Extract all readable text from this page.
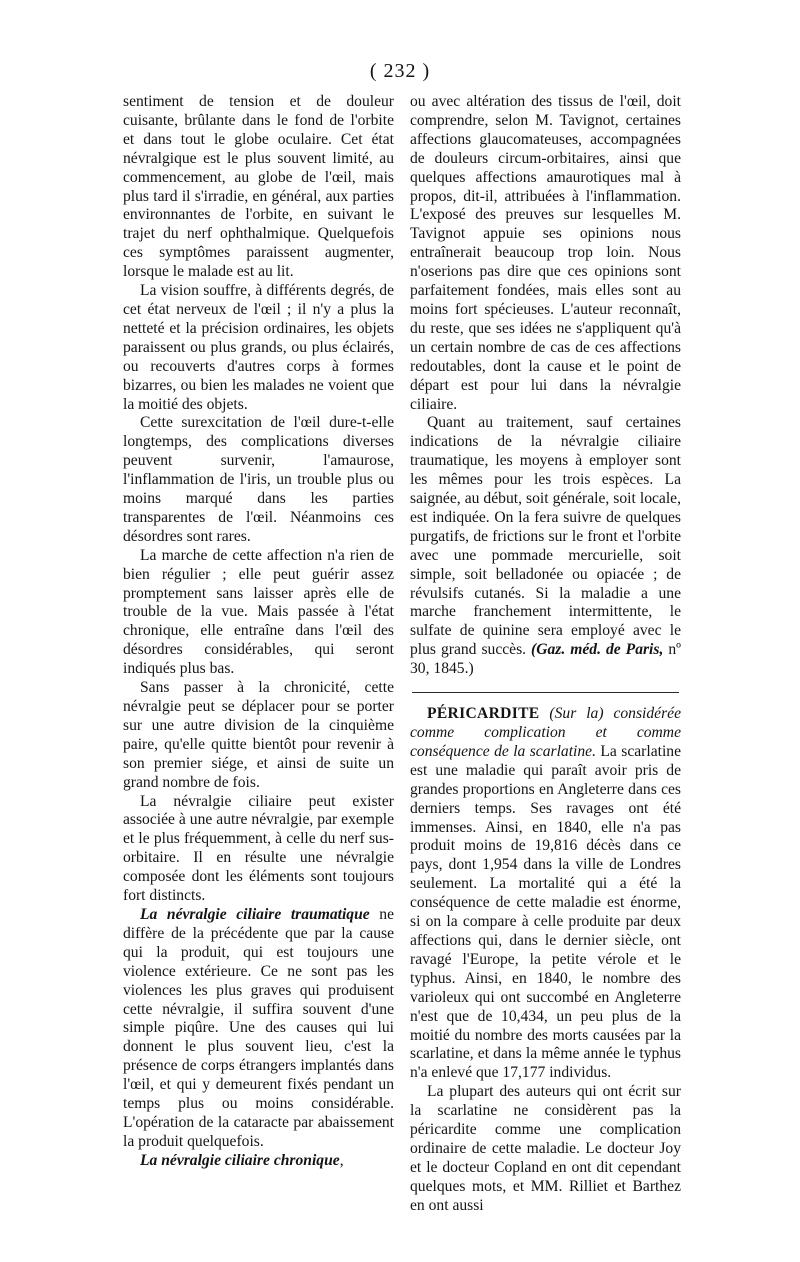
( 232 )

sentiment de tension et de douleur cuisante, brûlante dans le fond de l'orbite et dans tout le globe oculaire. Cet état névralgique est le plus souvent limité, au commencement, au globe de l'œil, mais plus tard il s'irradie, en général, aux parties environnantes de l'orbite, en suivant le trajet du nerf ophthalmique. Quelquefois ces symptômes paraissent augmenter, lorsque le malade est au lit.

La vision souffre, à différents degrés, de cet état nerveux de l'œil ; il n'y a plus la netteté et la précision ordinaires, les objets paraissent ou plus grands, ou plus éclairés, ou recouverts d'autres corps à formes bizarres, ou bien les malades ne voient que la moitié des objets.

Cette surexcitation de l'œil dure-t-elle longtemps, des complications diverses peuvent survenir, l'amaurose, l'inflammation de l'iris, un trouble plus ou moins marqué dans les parties transparentes de l'œil. Néanmoins ces désordres sont rares.

La marche de cette affection n'a rien de bien régulier ; elle peut guérir assez promptement sans laisser après elle de trouble de la vue. Mais passée à l'état chronique, elle entraîne dans l'œil des désordres considérables, qui seront indiqués plus bas.

Sans passer à la chronicité, cette névralgie peut se déplacer pour se porter sur une autre division de la cinquième paire, qu'elle quitte bientôt pour revenir à son premier siége, et ainsi de suite un grand nombre de fois.

La névralgie ciliaire peut exister associée à une autre névralgie, par exemple et le plus fréquemment, à celle du nerf sus-orbitaire. Il en résulte une névralgie composée dont les éléments sont toujours fort distincts.

La névralgie ciliaire traumatique ne diffère de la précédente que par la cause qui la produit, qui est toujours une violence extérieure. Ce ne sont pas les violences les plus graves qui produisent cette névralgie, il suffira souvent d'une simple piqûre. Une des causes qui lui donnent le plus souvent lieu, c'est la présence de corps étrangers implantés dans l'œil, et qui y demeurent fixés pendant un temps plus ou moins considérable. L'opération de la cataracte par abaissement la produit quelquefois.

La névralgie ciliaire chronique,

ou avec altération des tissus de l'œil, doit comprendre, selon M. Tavignot, certaines affections glaucomateuses, accompagnées de douleurs circum-orbitaires, ainsi que quelques affections amaurotiques mal à propos, dit-il, attribuées à l'inflammation. L'exposé des preuves sur lesquelles M. Tavignot appuie ses opinions nous entraînerait beaucoup trop loin. Nous n'oserions pas dire que ces opinions sont parfaitement fondées, mais elles sont au moins fort spécieuses. L'auteur reconnaît, du reste, que ses idées ne s'appliquent qu'à un certain nombre de cas de ces affections redoutables, dont la cause et le point de départ est pour lui dans la névralgie ciliaire.

Quant au traitement, sauf certaines indications de la névralgie ciliaire traumatique, les moyens à employer sont les mêmes pour les trois espèces. La saignée, au début, soit générale, soit locale, est indiquée. On la fera suivre de quelques purgatifs, de frictions sur le front et l'orbite avec une pommade mercurielle, soit simple, soit belladonée ou opiacée ; de révulsifs cutanés. Si la maladie a une marche franchement intermittente, le sulfate de quinine sera employé avec le plus grand succès. (Gaz. méd. de Paris, nº 30, 1845.)

PÉRICARDITE (Sur la) considérée comme complication et comme conséquence de la scarlatine. La scarlatine est une maladie qui paraît avoir pris de grandes proportions en Angleterre dans ces derniers temps. Ses ravages ont été immenses. Ainsi, en 1840, elle n'a pas produit moins de 19,816 décès dans ce pays, dont 1,954 dans la ville de Londres seulement. La mortalité qui a été la conséquence de cette maladie est énorme, si on la compare à celle produite par deux affections qui, dans le dernier siècle, ont ravagé l'Europe, la petite vérole et le typhus. Ainsi, en 1840, le nombre des varioleux qui ont succombé en Angleterre n'est que de 10,434, un peu plus de la moitié du nombre des morts causées par la scarlatine, et dans la même année le typhus n'a enlevé que 17,177 individus.

La plupart des auteurs qui ont écrit sur la scarlatine ne considèrent pas la péricardite comme une complication ordinaire de cette maladie. Le docteur Joy et le docteur Copland en ont dit cependant quelques mots, et MM. Rilliet et Barthez en ont aussi
